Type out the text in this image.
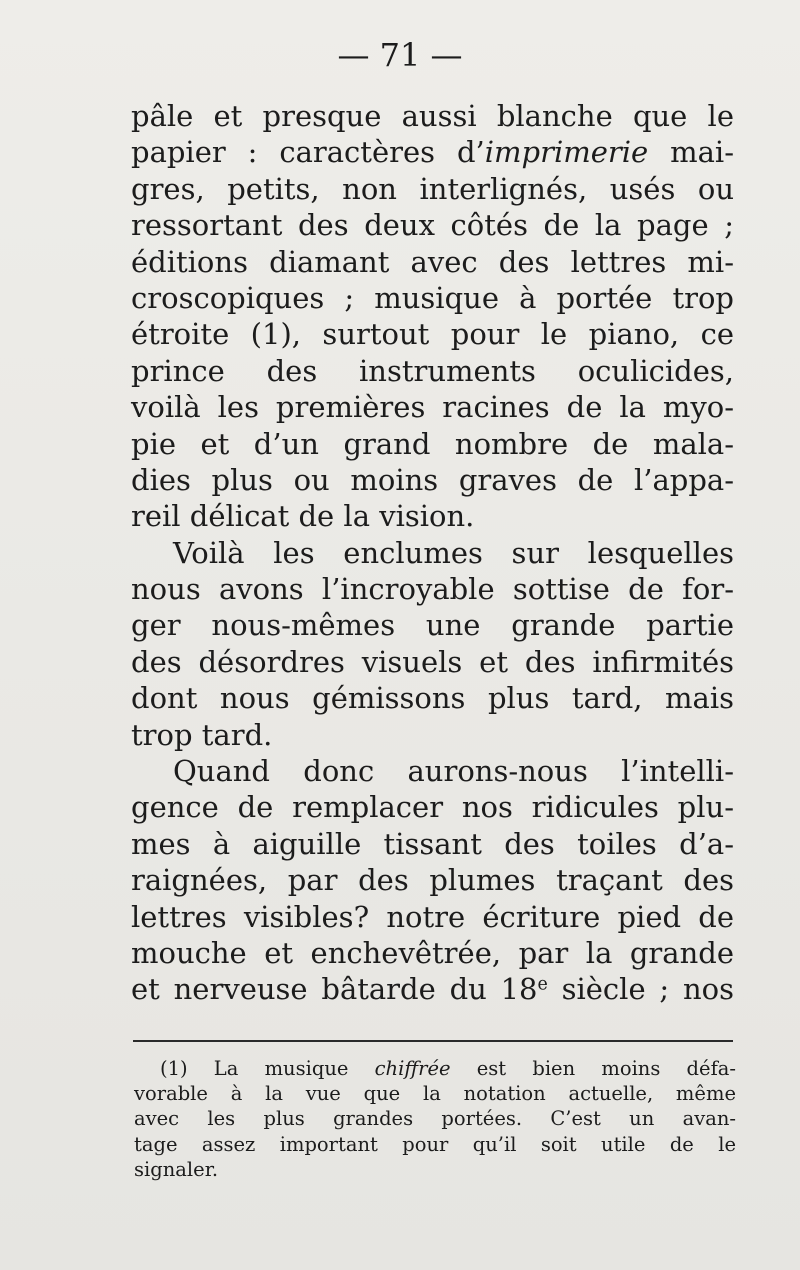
— 71 —
pâle et presque aussi blanche que le
papier : caractères d’imprimerie mai-
gres, petits, non interlignés, usés ou
ressortant des deux côtés de la page ;
éditions diamant avec des lettres mi-
croscopiques ; musique à portée trop
étroite (1), surtout pour le piano, ce
prince des instruments oculicides,
voilà les premières racines de la myo-
pie et d’un grand nombre de mala-
dies plus ou moins graves de l’appa-
reil délicat de la vision.
Voilà les enclumes sur lesquelles
nous avons l’incroyable sottise de for-
ger nous-mêmes une grande partie
des désordres visuels et des infirmités
dont nous gémissons plus tard, mais
trop tard.
Quand donc aurons-nous l’intelli-
gence de remplacer nos ridicules plu-
mes à aiguille tissant des toiles d’a-
raignées, par des plumes traçant des
lettres visibles? notre écriture pied de
mouche et enchevêtrée, par la grande
et nerveuse bâtarde du 18e siècle ; nos
(1) La musique chiffrée est bien moins défa-
vorable à la vue que la notation actuelle, même
avec les plus grandes portées. C’est un avan-
tage assez important pour qu’il soit utile de le
signaler.
